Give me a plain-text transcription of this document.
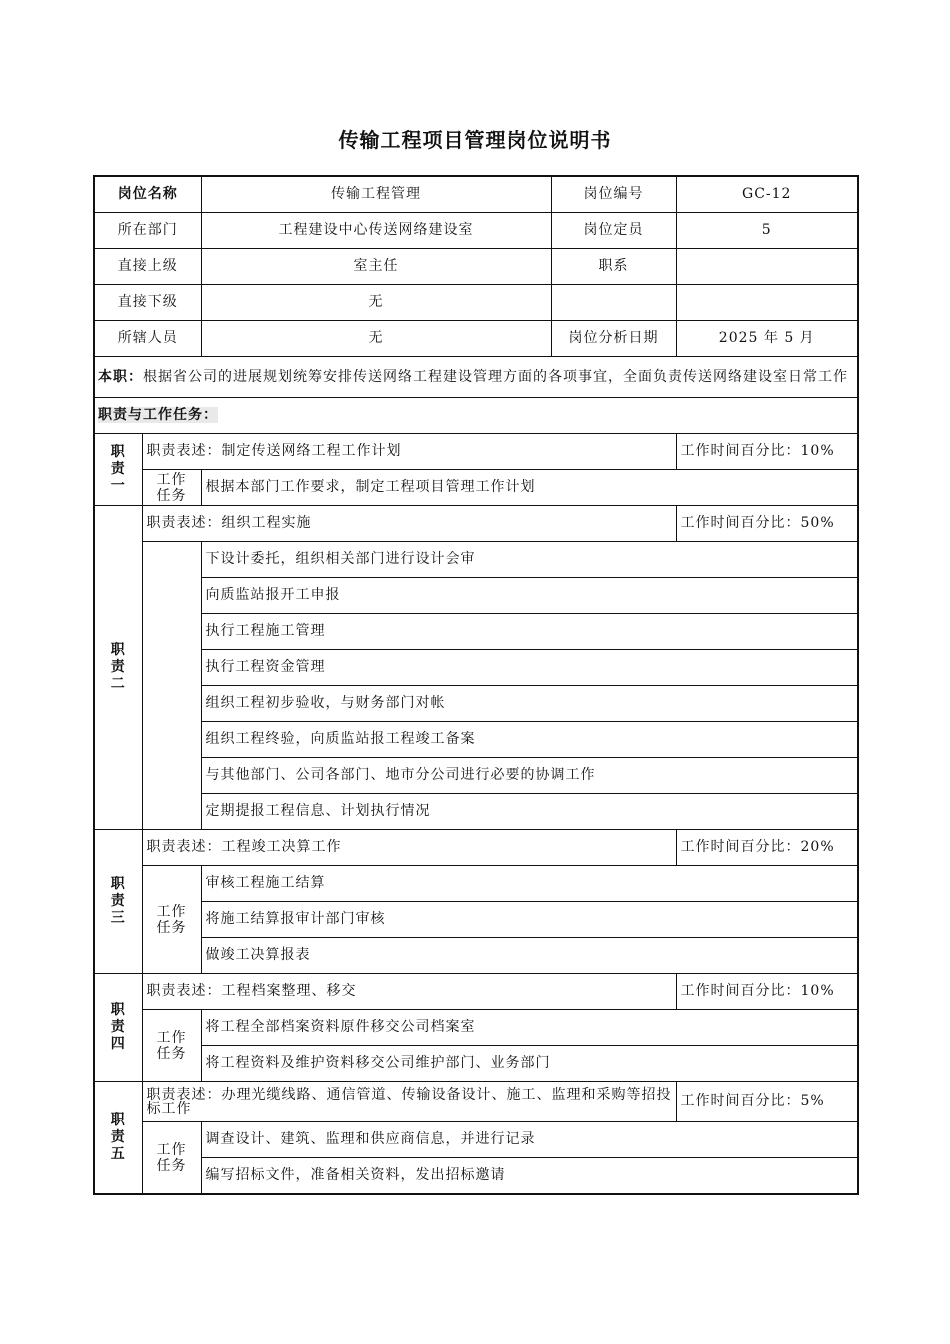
传输工程项目管理岗位说明书
岗位名称		传输工程管理	岗位编号	GC-12
所在部门		工程建设中心传送网络建设室	岗位定员	5
直接上级		室主任	职系	
直接下级		无		
所辖人员		无	岗位分析日期	2025 年 5 月
本职：根据省公司的进展规划统筹安排传送网络工程建设管理方面的各项事宜，全面负责传送网络建设室日常工作				
职责与工作任务：				

职
责
一	职责表述：制定传送网络工程工作计划			工作时间百分比：10%

	工作
任务	根据本部门工作要求，制定工程项目管理工作计划		

职
责
二	职责表述：组织工程实施			工作时间百分比：50%
		下设计委托，组织相关部门进行设计会审		
		向质监站报开工申报		
		执行工程施工管理		
		执行工程资金管理		
		组织工程初步验收，与财务部门对帐		
		组织工程终验，向质监站报工程竣工备案		
		与其他部门、公司各部门、地市分公司进行必要的协调工作		
		定期提报工程信息、计划执行情况		

职
责
三	职责表述：工程竣工决算工作			工作时间百分比：20%

	工作
任务	审核工程施工结算		
		将施工结算报审计部门审核		
		做竣工决算报表		

职
责
四	职责表述：工程档案整理、移交			工作时间百分比：10%

	工作
任务	将工程全部档案资料原件移交公司档案室		
		将工程资料及维护资料移交公司维护部门、业务部门		

职
责
五	职责表述：办理光缆线路、通信管道、传输设备设计、施工、监理和采购等招投标工作			工作时间百分比：5%

	工作
任务	调查设计、建筑、监理和供应商信息，并进行记录		
		编写招标文件，准备相关资料，发出招标邀请		
